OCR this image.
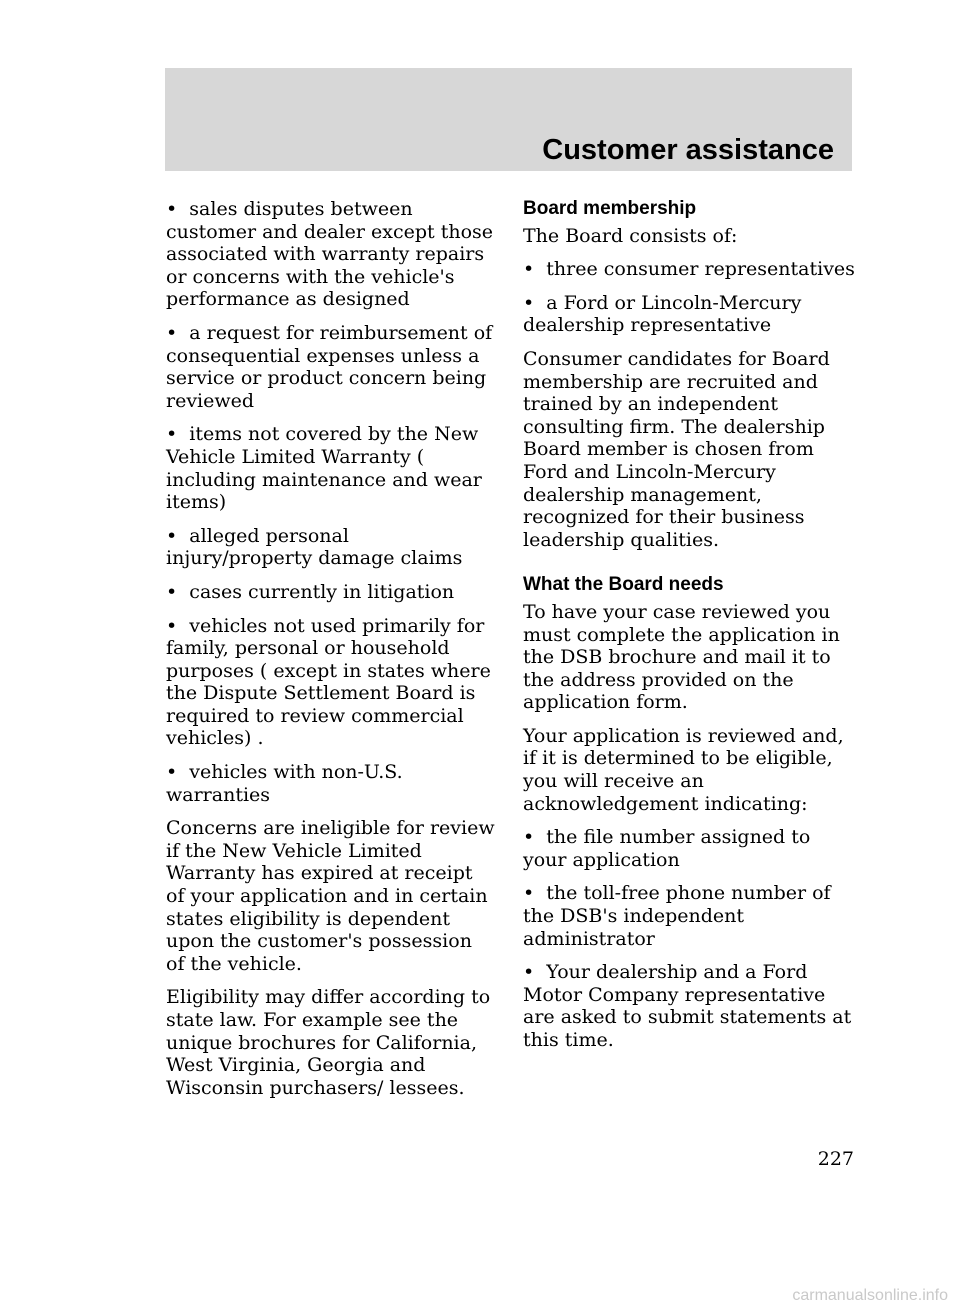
Customer assistance

•  sales disputes between customer and dealer except those associated with warranty repairs or concerns with the vehicle's performance as designed

•  a request for reimbursement of consequential expenses unless a service or product concern being reviewed

•  items not covered by the New Vehicle Limited Warranty ( including maintenance and wear items)

•  alleged personal injury/property damage claims

•  cases currently in litigation

•  vehicles not used primarily for family, personal or household purposes ( except in states where the Dispute Settlement Board is required to review commercial vehicles) .

•  vehicles with non-U.S. warranties

Concerns are ineligible for review if the New Vehicle Limited Warranty has expired at receipt of your application and in certain states eligibility is dependent upon the customer's possession of the vehicle.

Eligibility may differ according to state law. For example see the unique brochures for California, West Virginia, Georgia and Wisconsin purchasers/ lessees.

Board membership

The Board consists of:

•  three consumer representatives

•  a Ford or Lincoln-Mercury dealership representative

Consumer candidates for Board membership are recruited and trained by an independent consulting firm. The dealership Board member is chosen from Ford and Lincoln-Mercury dealership management, recognized for their business leadership qualities.

What the Board needs

To have your case reviewed you must complete the application in the DSB brochure and mail it to the address provided on the application form.

Your application is reviewed and, if it is determined to be eligible, you will receive an acknowledgement indicating:

•  the file number assigned to your application

•  the toll-free phone number of the DSB's independent administrator

•  Your dealership and a Ford Motor Company representative are asked to submit statements at this time.

227
carmanualsonline.info
